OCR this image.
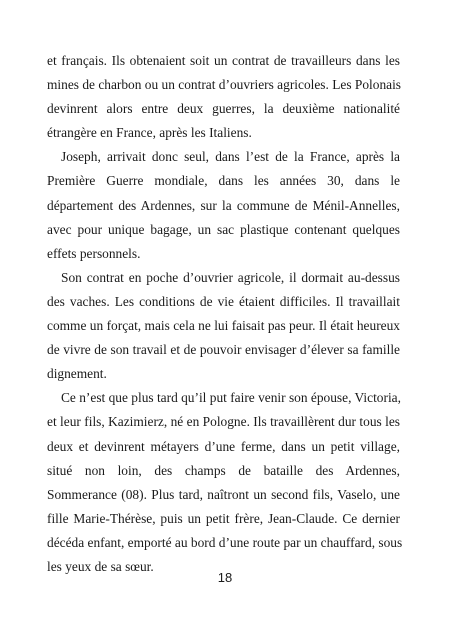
et français. Ils obtenaient soit un contrat de travailleurs dans les
mines de charbon ou un contrat d’ouvriers agricoles. Les Polonais
devinrent alors entre deux guerres, la deuxième nationalité
étrangère en France, après les Italiens.
Joseph, arrivait donc seul, dans l’est de la France, après la
Première Guerre mondiale, dans les années 30, dans le
département des Ardennes, sur la commune de Ménil-Annelles,
avec pour unique bagage, un sac plastique contenant quelques
effets personnels.
Son contrat en poche d’ouvrier agricole, il dormait au-dessus
des vaches. Les conditions de vie étaient difficiles. Il travaillait
comme un forçat, mais cela ne lui faisait pas peur. Il était heureux
de vivre de son travail et de pouvoir envisager d’élever sa famille
dignement.
Ce n’est que plus tard qu’il put faire venir son épouse, Victoria,
et leur fils, Kazimierz, né en Pologne. Ils travaillèrent dur tous les
deux et devinrent métayers d’une ferme, dans un petit village,
situé non loin, des champs de bataille des Ardennes,
Sommerance (08). Plus tard, naîtront un second fils, Vaselo, une
fille Marie-Thérèse, puis un petit frère, Jean-Claude. Ce dernier
décéda enfant, emporté au bord d’une route par un chauffard, sous
les yeux de sa sœur.
18
